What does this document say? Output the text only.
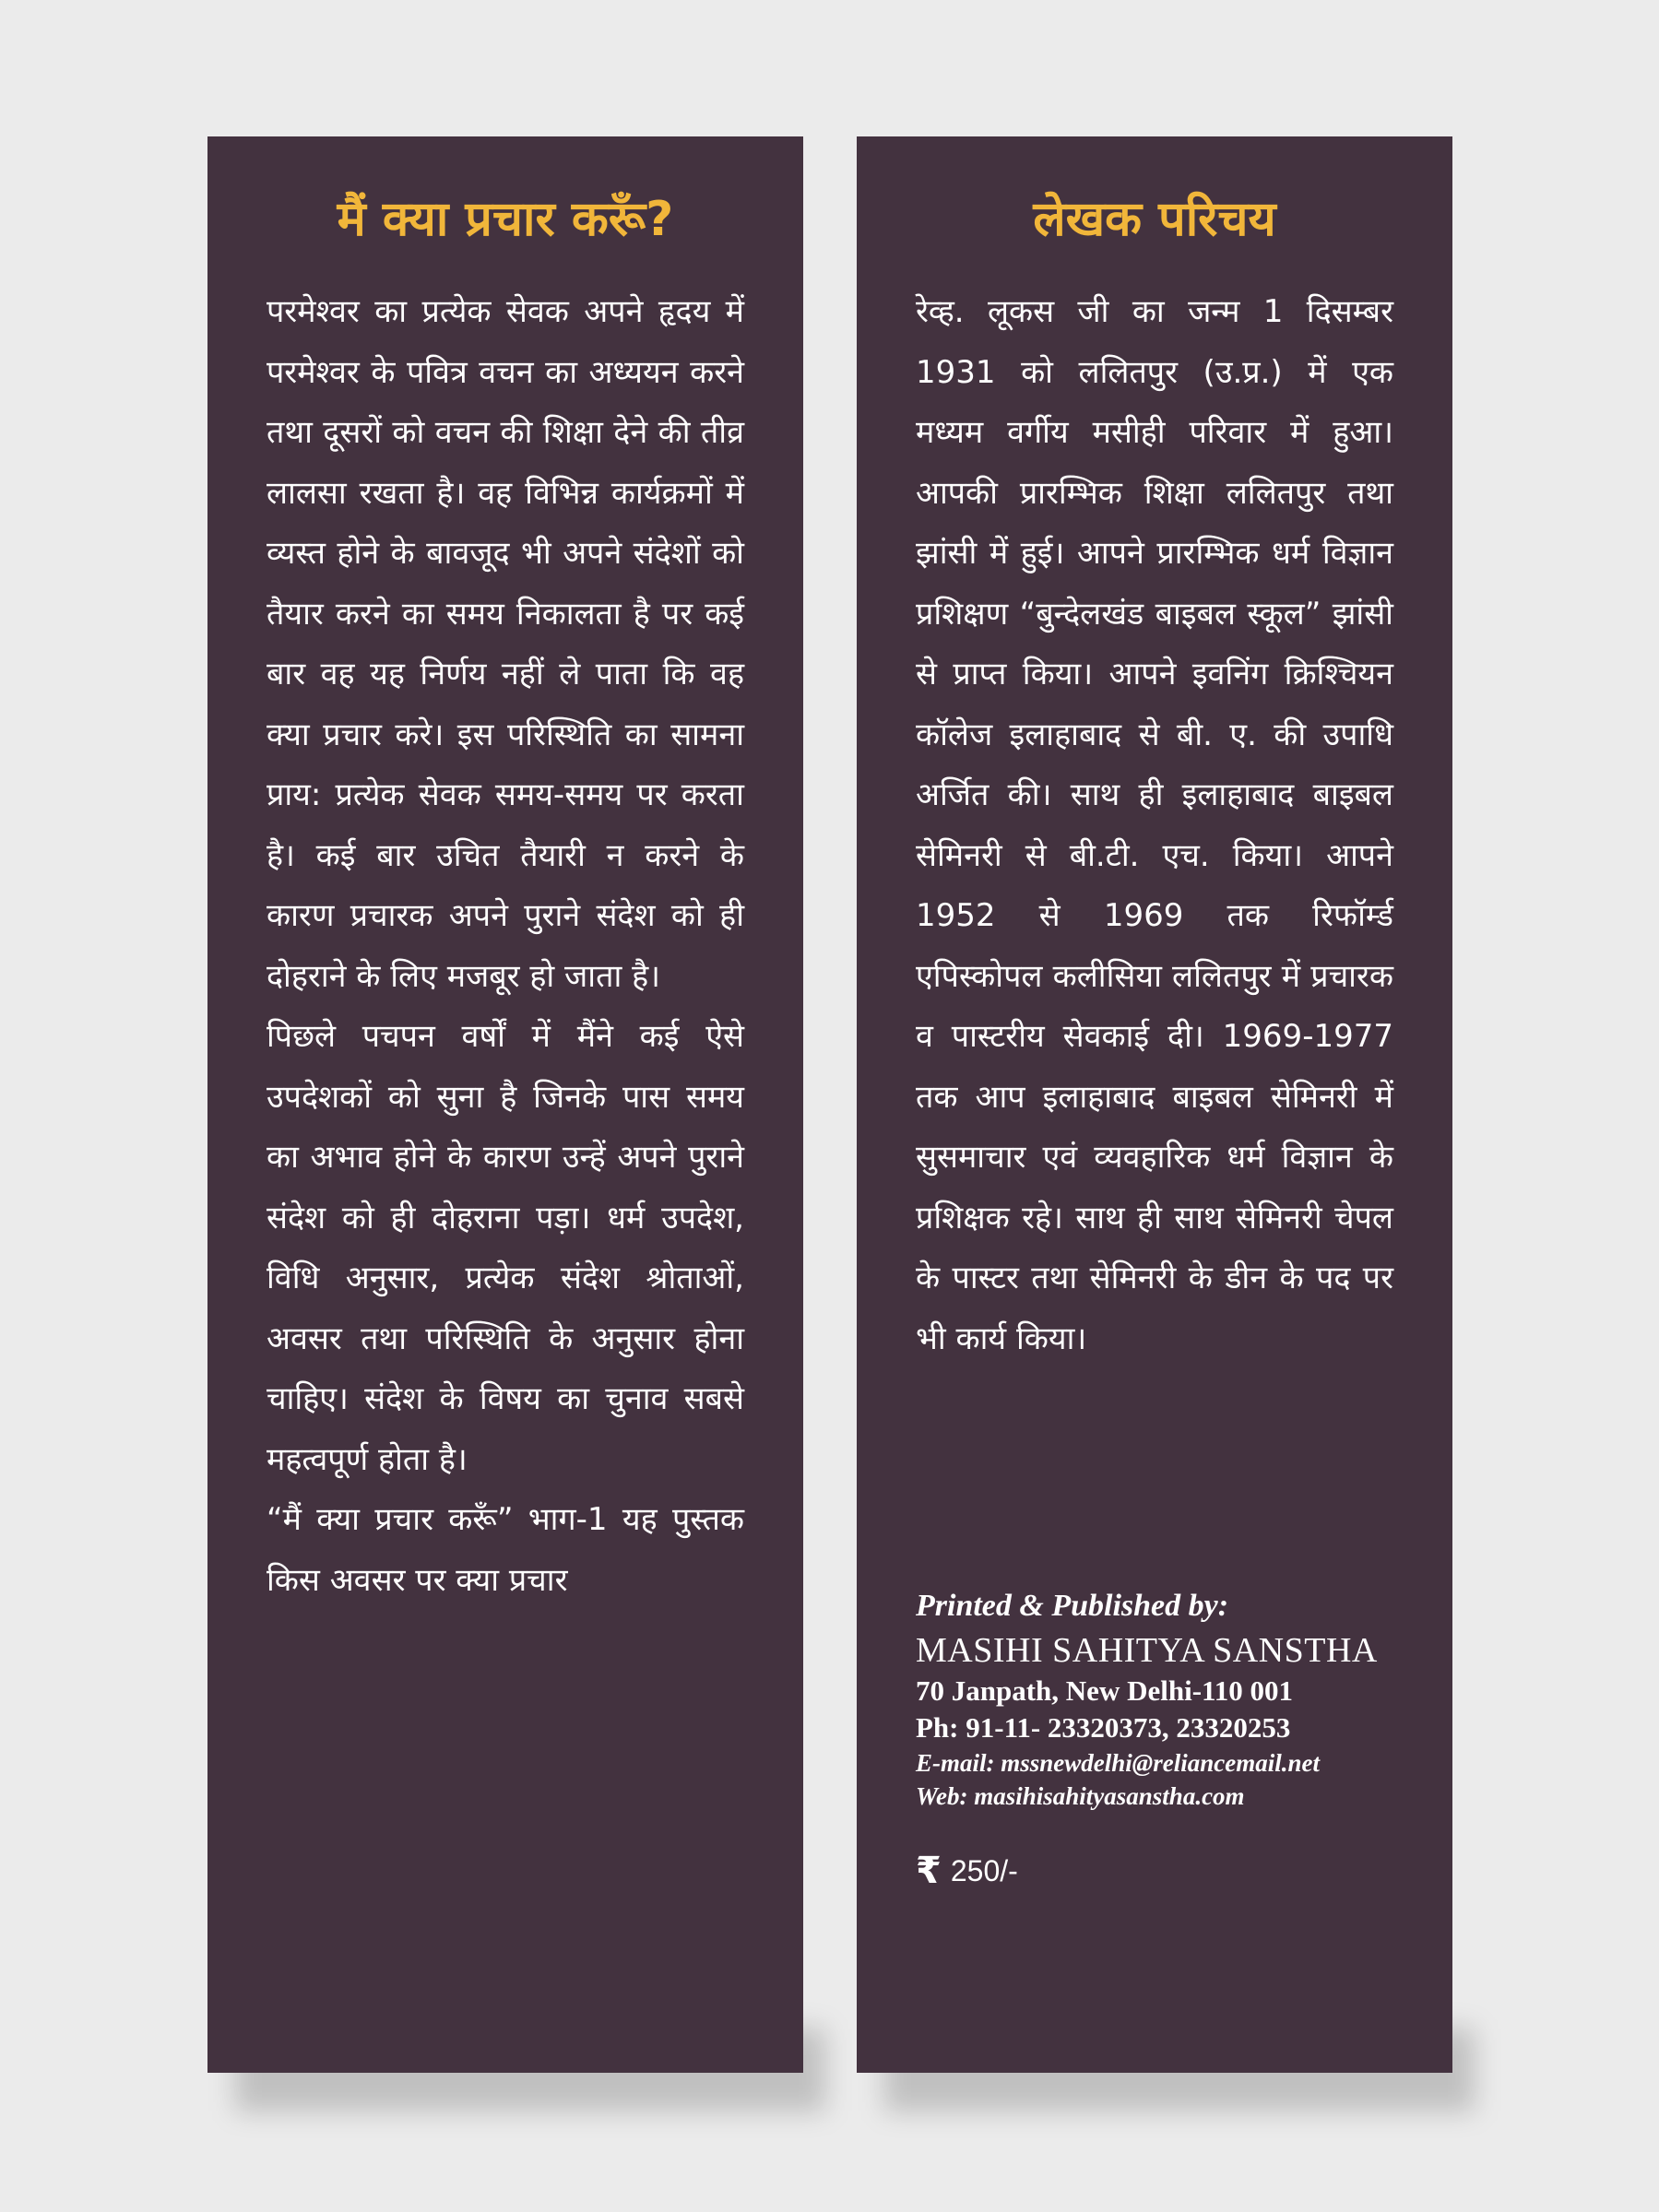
मैं क्या प्रचार करूँ?

परमेश्वर का प्रत्येक सेवक अपने हृदय में परमेश्वर के पवित्र वचन का अध्ययन करने तथा दूसरों को वचन की शिक्षा देने की तीव्र लालसा रखता है। वह विभिन्न कार्यक्रमों में व्यस्त होने के बावजूद भी अपने संदेशों को तैयार करने का समय निकालता है पर कई बार वह यह निर्णय नहीं ले पाता कि वह क्या प्रचार करे। इस परिस्थिति का सामना प्राय: प्रत्येक सेवक समय-समय पर करता है। कई बार उचित तैयारी न करने के कारण प्रचारक अपने पुराने संदेश को ही दोहराने के लिए मजबूर हो जाता है।

पिछले पचपन वर्षों में मैंने कई ऐसे उपदेशकों को सुना है जिनके पास समय का अभाव होने के कारण उन्हें अपने पुराने संदेश को ही दोहराना पड़ा। धर्म उपदेश, विधि अनुसार, प्रत्येक संदेश श्रोताओं, अवसर तथा परिस्थिति के अनुसार होना चाहिए। संदेश के विषय का चुनाव सबसे महत्वपूर्ण होता है।

“मैं क्या प्रचार करूँ” भाग-1 यह पुस्तक किस अवसर पर क्या प्रचार

लेखक परिचय

रेव्ह. लूकस जी का जन्म 1 दिसम्बर 1931 को ललितपुर (उ.प्र.) में एक मध्यम वर्गीय मसीही परिवार में हुआ। आपकी प्रारम्भिक शिक्षा ललितपुर तथा झांसी में हुई। आपने प्रारम्भिक धर्म विज्ञान प्रशिक्षण “बुन्देलखंड बाइबल स्कूल” झांसी से प्राप्त किया। आपने इवनिंग क्रिश्चियन कॉलेज इलाहाबाद से बी. ए. की उपाधि अर्जित की। साथ ही इलाहाबाद बाइबल सेमिनरी से बी.टी. एच. किया। आपने 1952 से 1969 तक रिफॉर्म्ड एपिस्कोपल कलीसिया ललितपुर में प्रचारक व पास्टरीय सेवकाई दी। 1969-1977 तक आप इलाहाबाद बाइबल सेमिनरी में सुसमाचार एवं व्यवहारिक धर्म विज्ञान के प्रशिक्षक रहे। साथ ही साथ सेमिनरी चेपल के पास्टर तथा सेमिनरी के डीन के पद पर भी कार्य किया।

Printed & Published by:
MASIHI SAHITYA SANSTHA
70 Janpath, New Delhi-110 001
Ph: 91-11- 23320373, 23320253
E-mail: mssnewdelhi@reliancemail.net
Web: masihisahityasanstha.com
₹ 250/-
